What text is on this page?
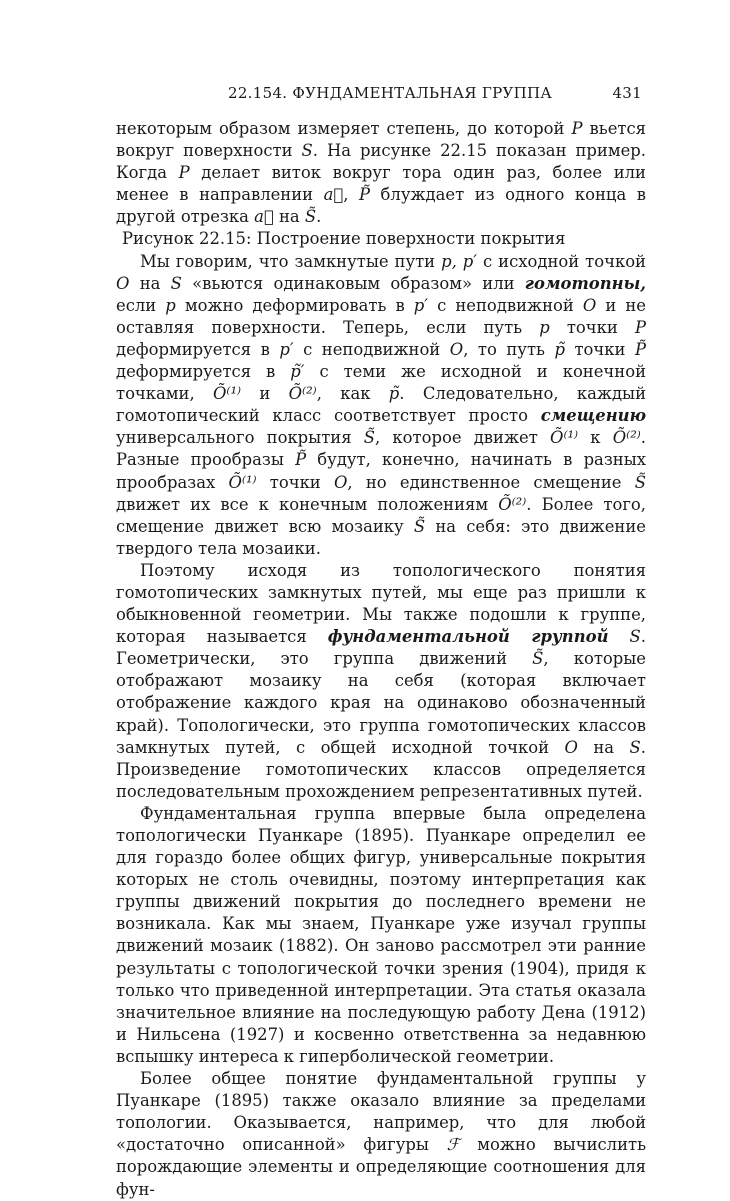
22.154. ФУНДАМЕНТАЛЬНАЯ ГРУППА	431

некоторым образом измеряет степень, до которой P вьется вокруг поверхности S. На рисунке 22.15 показан пример. Когда P делает виток вокруг тора один раз, более или менее в направлении a⃗, P̃ блуждает из одного конца в другой отрезка a⃗ на S̃.

Рисунок 22.15: Построение поверхности покрытия

Мы говорим, что замкнутые пути p, p′ с исходной точкой O на S «вьются одинаковым образом» или гомотопны, если p можно деформировать в p′ с неподвижной O и не оставляя поверхности. Теперь, если путь p точки P деформируется в p′ с неподвижной O, то путь p̃ точки P̃ деформируется в p̃′ с теми же исходной и конечной точками, Õ⁽¹⁾ и Õ⁽²⁾, как p̃. Следовательно, каждый гомотопический класс соответствует просто смещению универсального покрытия S̃, которое движет Õ⁽¹⁾ к Õ⁽²⁾. Разные прообразы P̃ будут, конечно, начинать в разных прообразах Õ⁽¹⁾ точки O, но единственное смещение S̃ движет их все к конечным положениям Õ⁽²⁾. Более того, смещение движет всю мозаику S̃ на себя: это движение твердого тела мозаики.

Поэтому исходя из топологического понятия гомотопических замкнутых путей, мы еще раз пришли к обыкновенной геометрии. Мы также подошли к группе, которая называется фундаментальной группой S. Геометрически, это группа движений S̃, которые отображают мозаику на себя (которая включает отображение каждого края на одинаково обозначенный край). Топологически, это группа гомотопических классов замкнутых путей, с общей исходной точкой O на S. Произведение гомотопических классов определяется последовательным прохождением репрезентативных путей.

Фундаментальная группа впервые была определена топологически Пуанкаре (1895). Пуанкаре определил ее для гораздо более общих фигур, универсальные покрытия которых не столь очевидны, поэтому интерпретация как группы движений покрытия до последнего времени не возникала. Как мы знаем, Пуанкаре уже изучал группы движений мозаик (1882). Он заново рассмотрел эти ранние результаты с топологической точки зрения (1904), придя к только что приведенной интерпретации. Эта статья оказала значительное влияние на последующую работу Дена (1912) и Нильсена (1927) и косвенно ответственна за недавнюю вспышку интереса к гиперболической геометрии.

Более общее понятие фундаментальной группы у Пуанкаре (1895) также оказало влияние за пределами топологии. Оказывается, например, что для любой «достаточно описанной» фигуры ℱ можно вычислить порождающие элементы и определяющие соотношения для фун-
